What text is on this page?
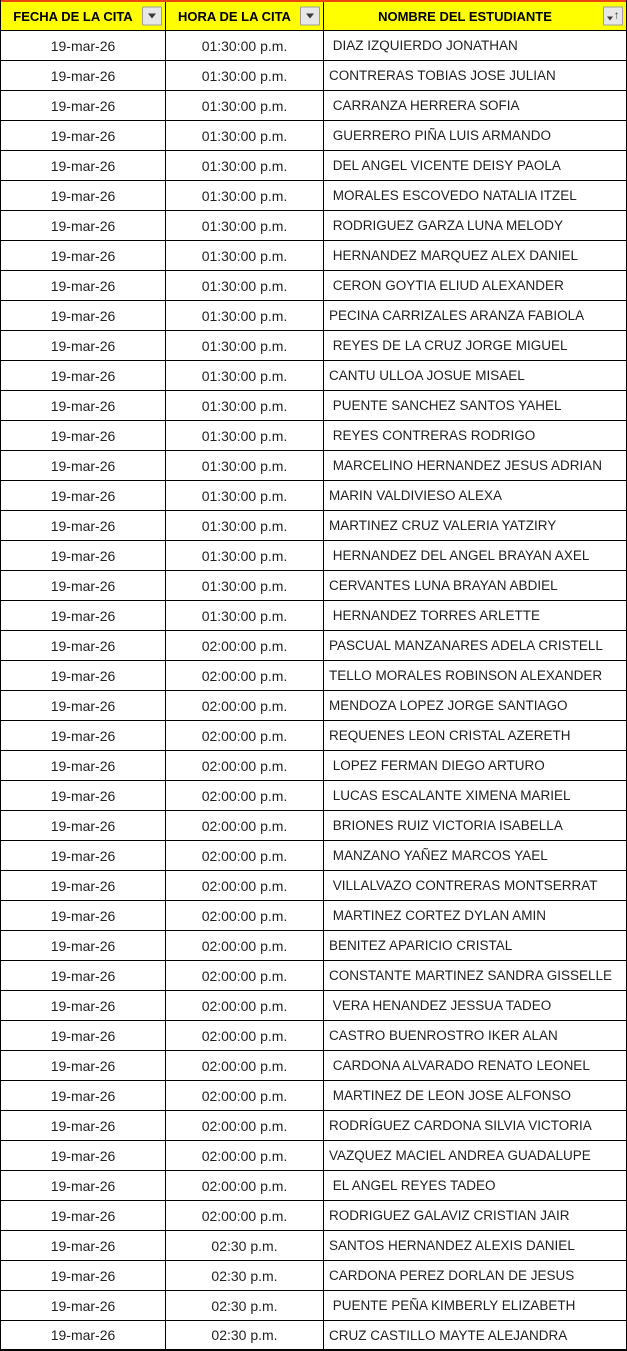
FECHA DE LA CITA	HORA DE LA CITA	NOMBRE DEL ESTUDIANTE	↑
19-mar-26	01:30:00 p.m.	DIAZ IZQUIERDO JONATHAN
19-mar-26	01:30:00 p.m.	CONTRERAS TOBIAS JOSE JULIAN
19-mar-26	01:30:00 p.m.	CARRANZA HERRERA SOFIA
19-mar-26	01:30:00 p.m.	GUERRERO PIÑA LUIS ARMANDO
19-mar-26	01:30:00 p.m.	DEL ANGEL VICENTE DEISY PAOLA
19-mar-26	01:30:00 p.m.	MORALES ESCOVEDO NATALIA ITZEL
19-mar-26	01:30:00 p.m.	RODRIGUEZ GARZA LUNA MELODY
19-mar-26	01:30:00 p.m.	HERNANDEZ MARQUEZ ALEX DANIEL
19-mar-26	01:30:00 p.m.	CERON GOYTIA ELIUD ALEXANDER
19-mar-26	01:30:00 p.m.	PECINA CARRIZALES ARANZA FABIOLA
19-mar-26	01:30:00 p.m.	REYES DE LA CRUZ JORGE MIGUEL
19-mar-26	01:30:00 p.m.	CANTU ULLOA JOSUE MISAEL
19-mar-26	01:30:00 p.m.	PUENTE SANCHEZ SANTOS YAHEL
19-mar-26	01:30:00 p.m.	REYES CONTRERAS RODRIGO
19-mar-26	01:30:00 p.m.	MARCELINO HERNANDEZ JESUS ADRIAN
19-mar-26	01:30:00 p.m.	MARIN VALDIVIESO ALEXA
19-mar-26	01:30:00 p.m.	MARTINEZ CRUZ VALERIA YATZIRY
19-mar-26	01:30:00 p.m.	HERNANDEZ DEL ANGEL BRAYAN AXEL
19-mar-26	01:30:00 p.m.	CERVANTES LUNA BRAYAN ABDIEL
19-mar-26	01:30:00 p.m.	HERNANDEZ TORRES ARLETTE
19-mar-26	02:00:00 p.m.	PASCUAL MANZANARES ADELA CRISTELL
19-mar-26	02:00:00 p.m.	TELLO MORALES ROBINSON ALEXANDER
19-mar-26	02:00:00 p.m.	MENDOZA LOPEZ JORGE SANTIAGO
19-mar-26	02:00:00 p.m.	REQUENES LEON CRISTAL AZERETH
19-mar-26	02:00:00 p.m.	LOPEZ FERMAN DIEGO ARTURO
19-mar-26	02:00:00 p.m.	LUCAS ESCALANTE XIMENA MARIEL
19-mar-26	02:00:00 p.m.	BRIONES RUIZ VICTORIA ISABELLA
19-mar-26	02:00:00 p.m.	MANZANO YAÑEZ MARCOS YAEL
19-mar-26	02:00:00 p.m.	VILLALVAZO CONTRERAS MONTSERRAT
19-mar-26	02:00:00 p.m.	MARTINEZ CORTEZ DYLAN AMIN
19-mar-26	02:00:00 p.m.	BENITEZ APARICIO CRISTAL
19-mar-26	02:00:00 p.m.	CONSTANTE MARTINEZ SANDRA GISSELLE
19-mar-26	02:00:00 p.m.	VERA HENANDEZ JESSUA TADEO
19-mar-26	02:00:00 p.m.	CASTRO BUENROSTRO IKER ALAN
19-mar-26	02:00:00 p.m.	CARDONA ALVARADO RENATO LEONEL
19-mar-26	02:00:00 p.m.	MARTINEZ DE LEON JOSE ALFONSO
19-mar-26	02:00:00 p.m.	RODRÍGUEZ CARDONA SILVIA VICTORIA
19-mar-26	02:00:00 p.m.	VAZQUEZ MACIEL ANDREA GUADALUPE
19-mar-26	02:00:00 p.m.	EL ANGEL REYES TADEO
19-mar-26	02:00:00 p.m.	RODRIGUEZ GALAVIZ CRISTIAN JAIR
19-mar-26	02:30 p.m.	SANTOS HERNANDEZ ALEXIS DANIEL
19-mar-26	02:30 p.m.	CARDONA PEREZ DORLAN DE JESUS
19-mar-26	02:30 p.m.	PUENTE PEÑA KIMBERLY ELIZABETH
19-mar-26	02:30 p.m.	CRUZ CASTILLO MAYTE ALEJANDRA
